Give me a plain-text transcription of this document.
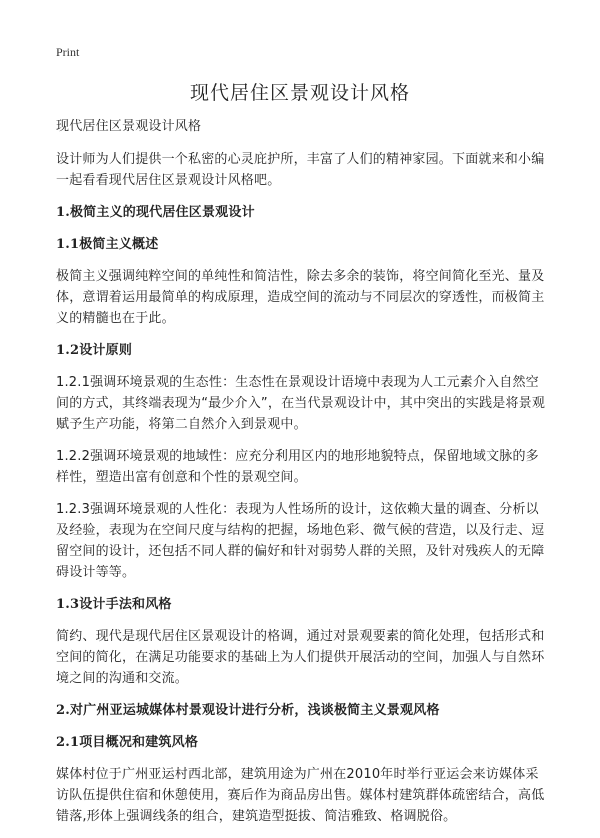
Print
现代居住区景观设计风格

现代居住区景观设计风格

设计师为人们提供一个私密的心灵庇护所，丰富了人们的精神家园。下面就来和小编一起看看现代居住区景观设计风格吧。

1.极简主义的现代居住区景观设计

1.1极简主义概述

极简主义强调纯粹空间的单纯性和简洁性，除去多余的装饰，将空间简化至光、量及体，意谓着运用最简单的构成原理，造成空间的流动与不同层次的穿透性，而极简主义的精髓也在于此。

1.2设计原则

1.2.1强调环境景观的生态性：生态性在景观设计语境中表现为人工元素介入自然空间的方式，其终端表现为“最少介入”，在当代景观设计中，其中突出的实践是将景观赋予生产功能，将第二自然介入到景观中。

1.2.2强调环境景观的地域性：应充分利用区内的地形地貌特点，保留地域文脉的多样性，塑造出富有创意和个性的景观空间。

1.2.3强调环境景观的人性化：表现为人性场所的设计，这依赖大量的调查、分析以及经验，表现为在空间尺度与结构的把握，场地色彩、微气候的营造，以及行走、逗留空间的设计，还包括不同人群的偏好和针对弱势人群的关照，及针对残疾人的无障碍设计等等。

1.3设计手法和风格

简约、现代是现代居住区景观设计的格调，通过对景观要素的简化处理，包括形式和空间的简化，在满足功能要求的基础上为人们提供开展活动的空间，加强人与自然环境之间的沟通和交流。

2.对广州亚运城媒体村景观设计进行分析，浅谈极简主义景观风格

2.1项目概况和建筑风格

媒体村位于广州亚运村西北部，建筑用途为广州在2010年时举行亚运会来访媒体采访队伍提供住宿和休憩使用，赛后作为商品房出售。媒体村建筑群体疏密结合，高低错落,形体上强调线条的组合，建筑造型挺拔、简洁雅致、格调脱俗。
